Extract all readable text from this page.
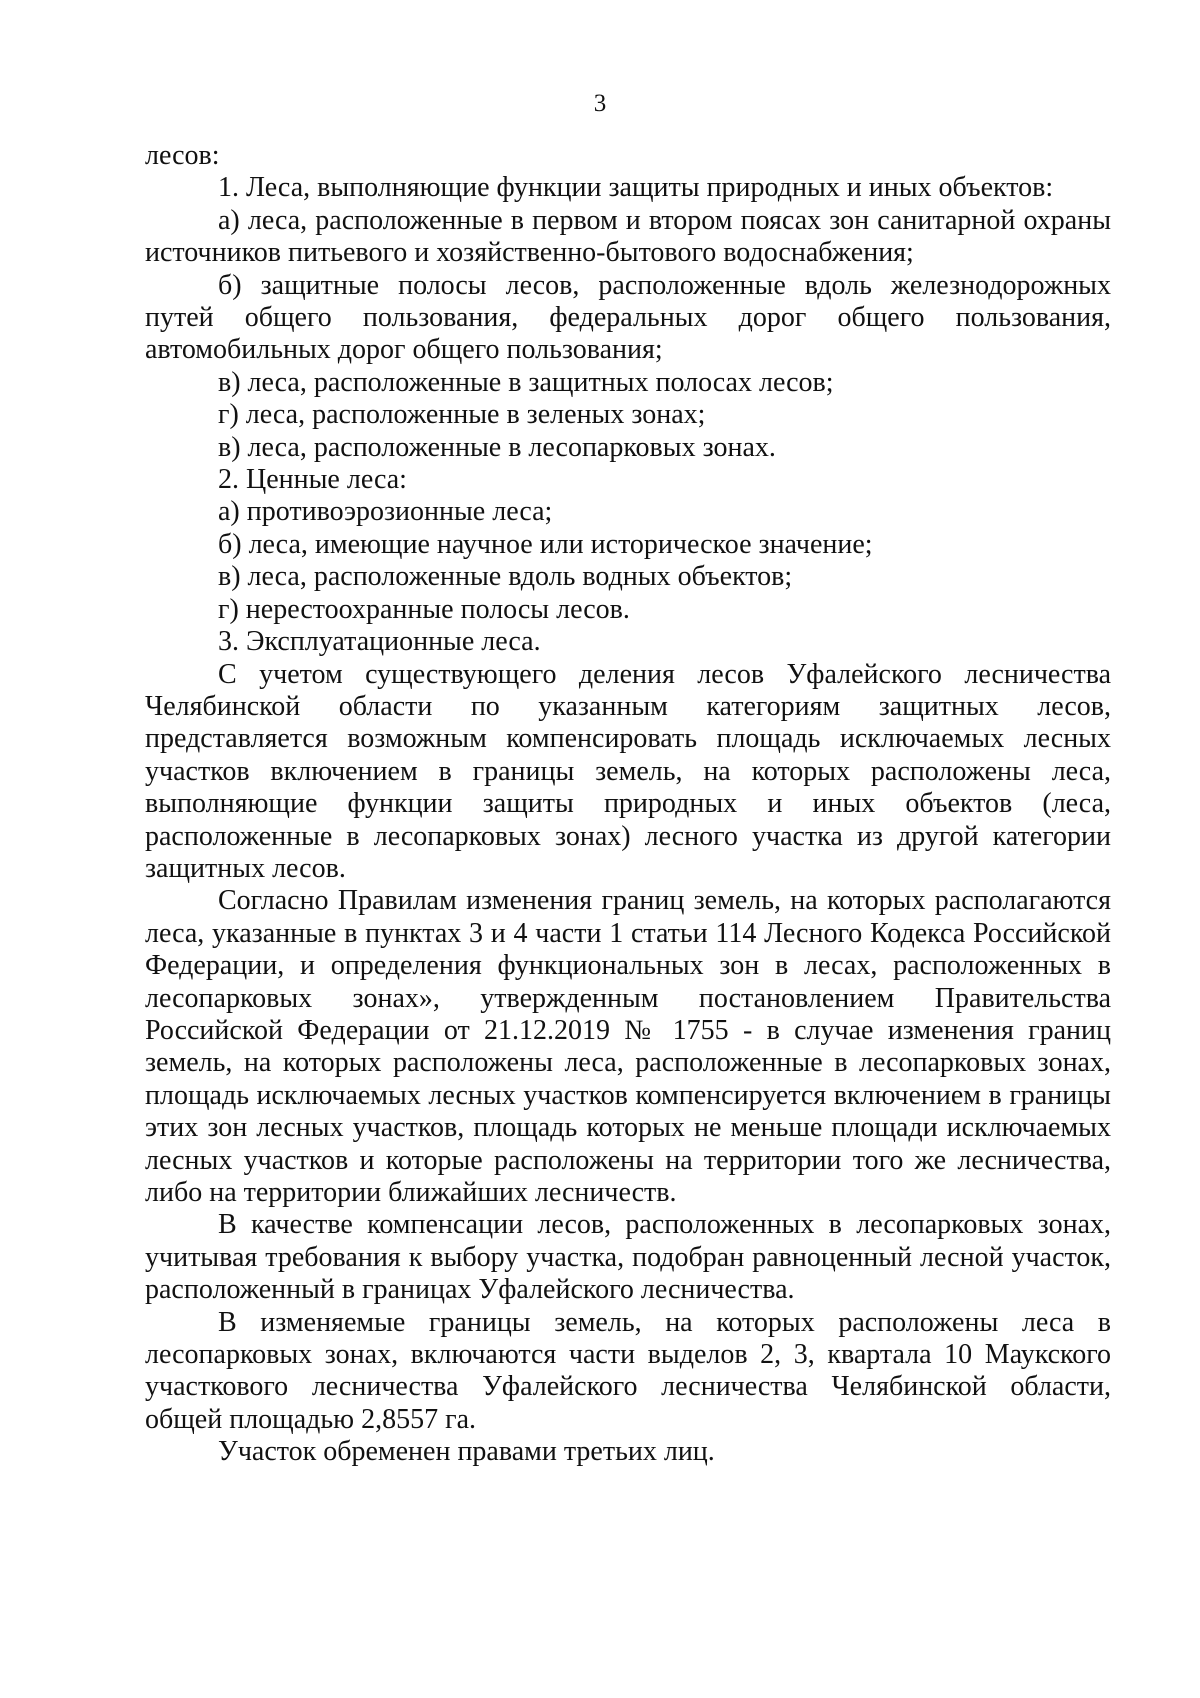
3

лесов:

1. Леса, выполняющие функции защиты природных и иных объектов:

а) леса, расположенные в первом и втором поясах зон санитарной охраны источников питьевого и хозяйственно-бытового водоснабжения;

б) защитные полосы лесов, расположенные вдоль железнодорожных путей общего пользования, федеральных дорог общего пользования, автомобильных дорог общего пользования;

в) леса, расположенные в защитных полосах лесов;

г) леса, расположенные в зеленых зонах;

в) леса, расположенные в лесопарковых зонах.

2. Ценные леса:

а) противоэрозионные леса;

б) леса, имеющие научное или историческое значение;

в) леса, расположенные вдоль водных объектов;

г) нерестоохранные полосы лесов.

3. Эксплуатационные леса.

С учетом существующего деления лесов Уфалейского лесничества Челябинской области по указанным категориям защитных лесов, представляется возможным компенсировать площадь исключаемых лесных участков включением в границы земель, на которых расположены леса, выполняющие функции защиты природных и иных объектов (леса, расположенные в лесопарковых зонах) лесного участка из другой категории защитных лесов.

Согласно Правилам изменения границ земель, на которых располагаются леса, указанные в пунктах 3 и 4 части 1 статьи 114 Лесного Кодекса Российской Федерации, и определения функциональных зон в лесах, расположенных в лесопарковых зонах», утвержденным постановлением Правительства Российской Федерации от 21.12.2019 № 1755 - в случае изменения границ земель, на которых расположены леса, расположенные в лесопарковых зонах, площадь исключаемых лесных участков компенсируется включением в границы этих зон лесных участков, площадь которых не меньше площади исключаемых лесных участков и которые расположены на территории того же лесничества, либо на территории ближайших лесничеств.

В качестве компенсации лесов, расположенных в лесопарковых зонах, учитывая требования к выбору участка, подобран равноценный лесной участок, расположенный в границах Уфалейского лесничества.

В изменяемые границы земель, на которых расположены леса в лесопарковых зонах, включаются части выделов 2, 3, квартала 10 Маукского участкового лесничества Уфалейского лесничества Челябинской области, общей площадью 2,8557 га.

Участок обременен правами третьих лиц.
